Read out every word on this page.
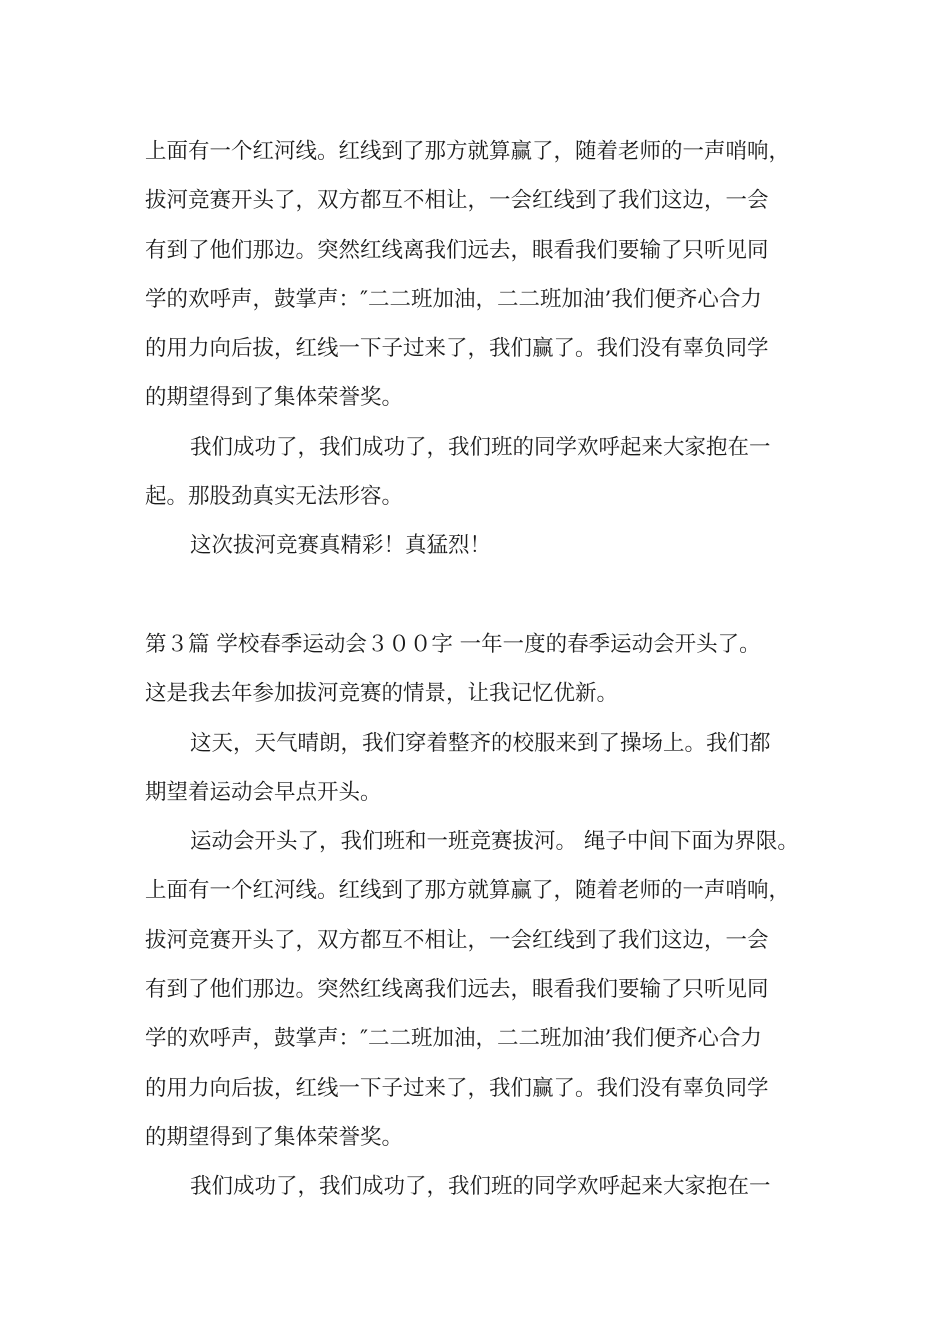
上面有一个红河线。红线到了那方就算赢了，随着老师的一声哨响，
拔河竞赛开头了，双方都互不相让，一会红线到了我们这边，一会
有到了他们那边。突然红线离我们远去，眼看我们要输了只听见同
学的欢呼声，鼓掌声：″二二班加油，二二班加油’我们便齐心合力
的用力向后拔，红线一下子过来了，我们赢了。我们没有辜负同学
的期望得到了集体荣誉奖。
我们成功了，我们成功了，我们班的同学欢呼起来大家抱在一
起。那股劲真实无法形容。
这次拔河竞赛真精彩！真猛烈！
第３篇 学校春季运动会３００字 一年一度的春季运动会开头了。
这是我去年参加拔河竞赛的情景，让我记忆优新。
这天，天气晴朗，我们穿着整齐的校服来到了操场上。我们都
期望着运动会早点开头。
运动会开头了，我们班和一班竞赛拔河。 绳子中间下面为界限。
上面有一个红河线。红线到了那方就算赢了，随着老师的一声哨响，
拔河竞赛开头了，双方都互不相让，一会红线到了我们这边，一会
有到了他们那边。突然红线离我们远去，眼看我们要输了只听见同
学的欢呼声，鼓掌声：″二二班加油，二二班加油’我们便齐心合力
的用力向后拔，红线一下子过来了，我们赢了。我们没有辜负同学
的期望得到了集体荣誉奖。
我们成功了，我们成功了，我们班的同学欢呼起来大家抱在一
